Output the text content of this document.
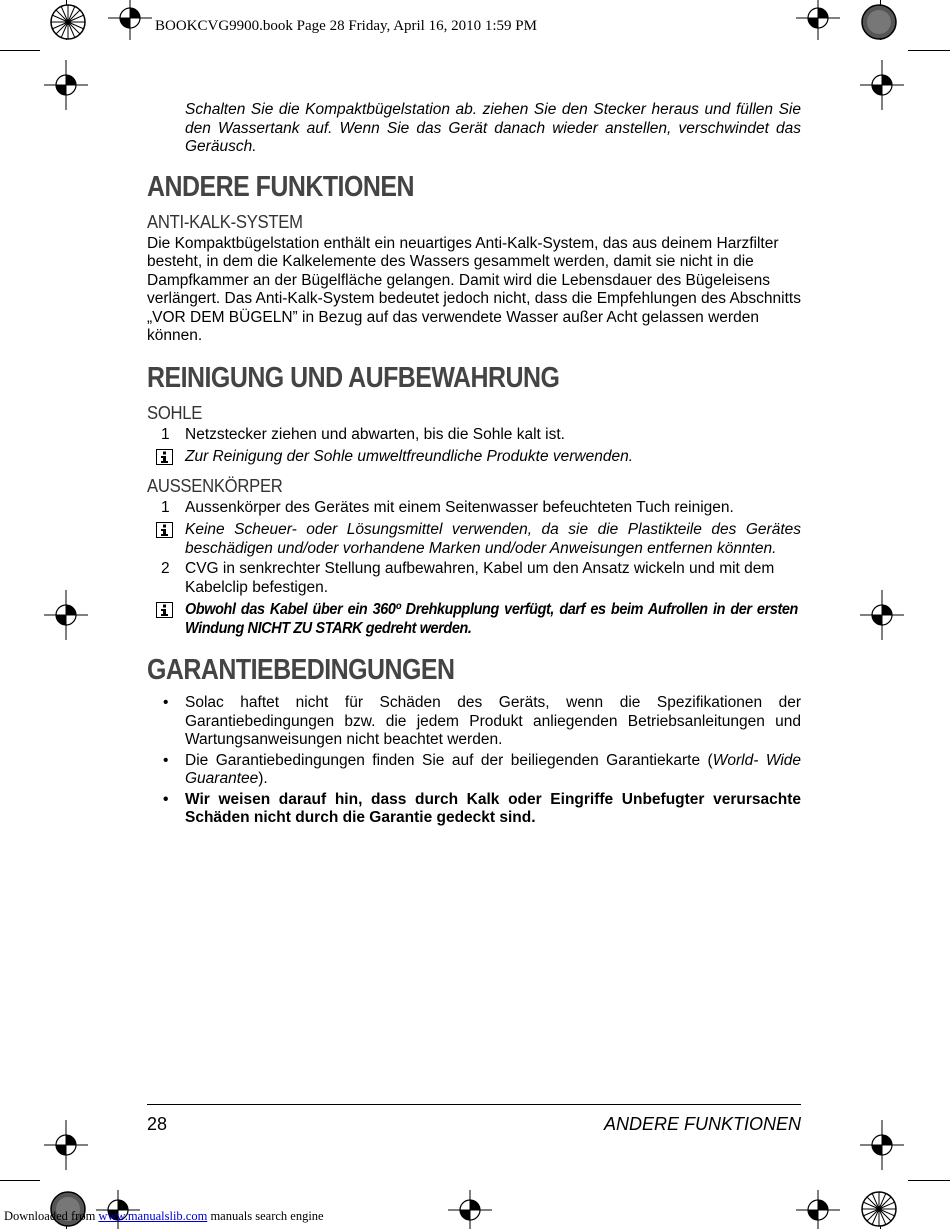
BOOKCVG9900.book Page 28 Friday, April 16, 2010 1:59 PM

Schalten Sie die Kompaktbügelstation ab. ziehen Sie den Stecker heraus und füllen Sie den Wassertank auf. Wenn Sie das Gerät danach wieder anstellen, verschwindet das Geräusch.

ANDERE FUNKTIONEN
ANTI-KALK-SYSTEM

Die Kompaktbügelstation enthält ein neuartiges Anti-Kalk-System, das aus deinem Harzfilter besteht, in dem die Kalkelemente des Wassers gesammelt werden, damit sie nicht in die Dampfkammer an der Bügelfläche gelangen. Damit wird die Lebensdauer des Bügeleisens verlängert. Das Anti-Kalk-System bedeutet jedoch nicht, dass die Empfehlungen des Abschnitts „VOR DEM BÜGELN” in Bezug auf das verwendete Wasser außer Acht gelassen werden können.

REINIGUNG UND AUFBEWAHRUNG
SOHLE
1 Netzstecker ziehen und abwarten, bis die Sohle kalt ist.
Zur Reinigung der Sohle umweltfreundliche Produkte verwenden.
AUSSENKÖRPER
1 Aussenkörper des Gerätes mit einem Seitenwasser befeuchteten Tuch reinigen.
Keine Scheuer- oder Lösungsmittel verwenden, da sie die Plastikteile des Gerätes beschädigen und/oder vorhandene Marken und/oder Anweisungen entfernen könnten.
2 CVG in senkrechter Stellung aufbewahren, Kabel um den Ansatz wickeln und mit dem Kabelclip befestigen.
Obwohl das Kabel über ein 360º Drehkupplung verfügt, darf es beim Aufrollen in der ersten Windung NICHT ZU STARK gedreht werden.
GARANTIEBEDINGUNGEN
•	Solac haftet nicht für Schäden des Geräts, wenn die Spezifikationen der Garantiebedingungen bzw. die jedem Produkt anliegenden Betriebsanleitungen und Wartungsanweisungen nicht beachtet werden.
•	Die Garantiebedingungen finden Sie auf der beiliegenden Garantiekarte (World- Wide Guarantee).
•	Wir weisen darauf hin, dass durch Kalk oder Eingriffe Unbefugter verursachte Schäden nicht durch die Garantie gedeckt sind.
28	ANDERE FUNKTIONEN
Downloaded from www.manualslib.com manuals search engine
